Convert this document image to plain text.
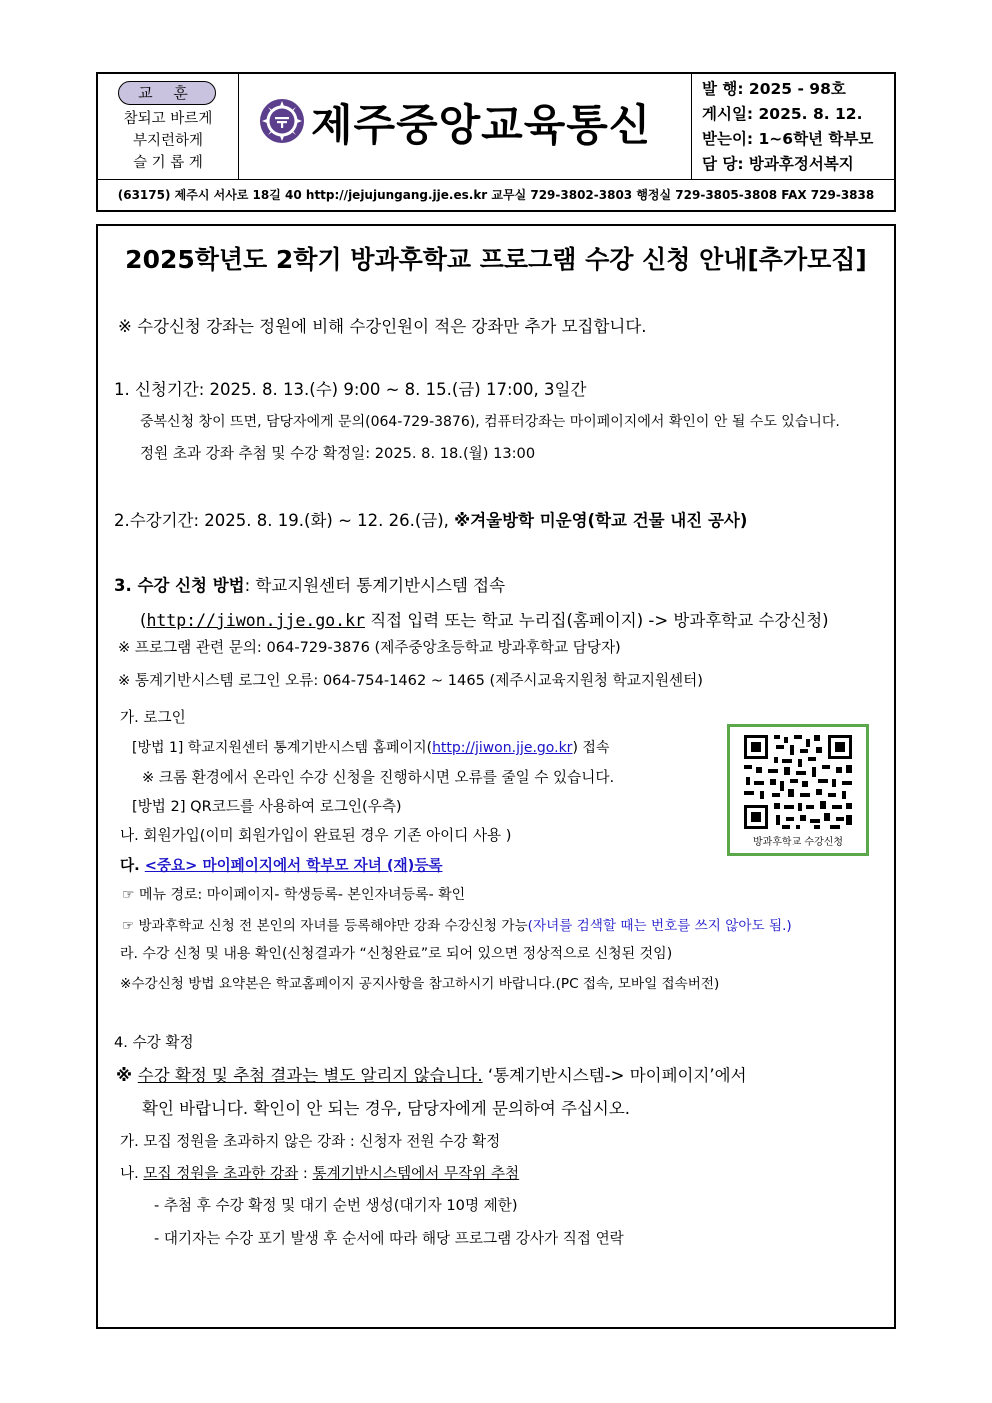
교 훈
참되고 바르게
부지런하게
슬 기 롭 게
제주중앙교육통신
발 행: 2025 - 98호
게시일: 2025. 8. 12.
받는이: 1~6학년 학부모
담 당: 방과후정서복지
(63175) 제주시 서사로 18길 40 http://jejujungang.jje.es.kr 교무실 729-3802-3803 행정실 729-3805-3808 FAX 729-3838
2025학년도 2학기 방과후학교 프로그램 수강 신청 안내[추가모집]
※ 수강신청 강좌는 정원에 비해 수강인원이 적은 강좌만 추가 모집합니다.
1. 신청기간: 2025. 8. 13.(수) 9:00 ~ 8. 15.(금) 17:00, 3일간
중복신청 창이 뜨면, 담당자에게 문의(064-729-3876), 컴퓨터강좌는 마이페이지에서 확인이 안 될 수도 있습니다.
정원 초과 강좌 추첨 및 수강 확정일: 2025. 8. 18.(월) 13:00
2.수강기간: 2025. 8. 19.(화) ~ 12. 26.(금), ※겨울방학 미운영(학교 건물 내진 공사)
3. 수강 신청 방법: 학교지원센터 통계기반시스템 접속
(http://jiwon.jje.go.kr 직접 입력 또는 학교 누리집(홈페이지) -> 방과후학교 수강신청)
※ 프로그램 관련 문의: 064-729-3876 (제주중앙초등학교 방과후학교 담당자)
※ 통계기반시스템 로그인 오류: 064-754-1462 ~ 1465 (제주시교육지원청 학교지원센터)
가. 로그인
[방법 1] 학교지원센터 통계기반시스템 홈페이지(http://jiwon.jje.go.kr) 접속
※ 크롬 환경에서 온라인 수강 신청을 진행하시면 오류를 줄일 수 있습니다.
[방법 2] QR코드를 사용하여 로그인(우측)
나. 회원가입(이미 회원가입이 완료된 경우 기존 아이디 사용 )
다. <중요> 마이페이지에서 학부모 자녀 (재)등록
☞ 메뉴 경로: 마이페이지- 학생등록- 본인자녀등록- 확인
☞ 방과후학교 신청 전 본인의 자녀를 등록해야만 강좌 수강신청 가능(자녀를 검색할 때는 번호를 쓰지 않아도 됨.)
라. 수강 신청 및 내용 확인(신청결과가 “신청완료”로 되어 있으면 정상적으로 신청된 것임)
※수강신청 방법 요약본은 학교홈페이지 공지사항을 참고하시기 바랍니다.(PC 접속, 모바일 접속버전)
방과후학교 수강신청
4. 수강 확정
※ 수강 확정 및 추첨 결과는 별도 알리지 않습니다. ‘통계기반시스템-> 마이페이지’에서
확인 바랍니다. 확인이 안 되는 경우, 담당자에게 문의하여 주십시오.
가. 모집 정원을 초과하지 않은 강좌 : 신청자 전원 수강 확정
나. 모집 정원을 초과한 강좌 : 통계기반시스템에서 무작위 추첨
- 추첨 후 수강 확정 및 대기 순번 생성(대기자 10명 제한)
- 대기자는 수강 포기 발생 후 순서에 따라 해당 프로그램 강사가 직접 연락
